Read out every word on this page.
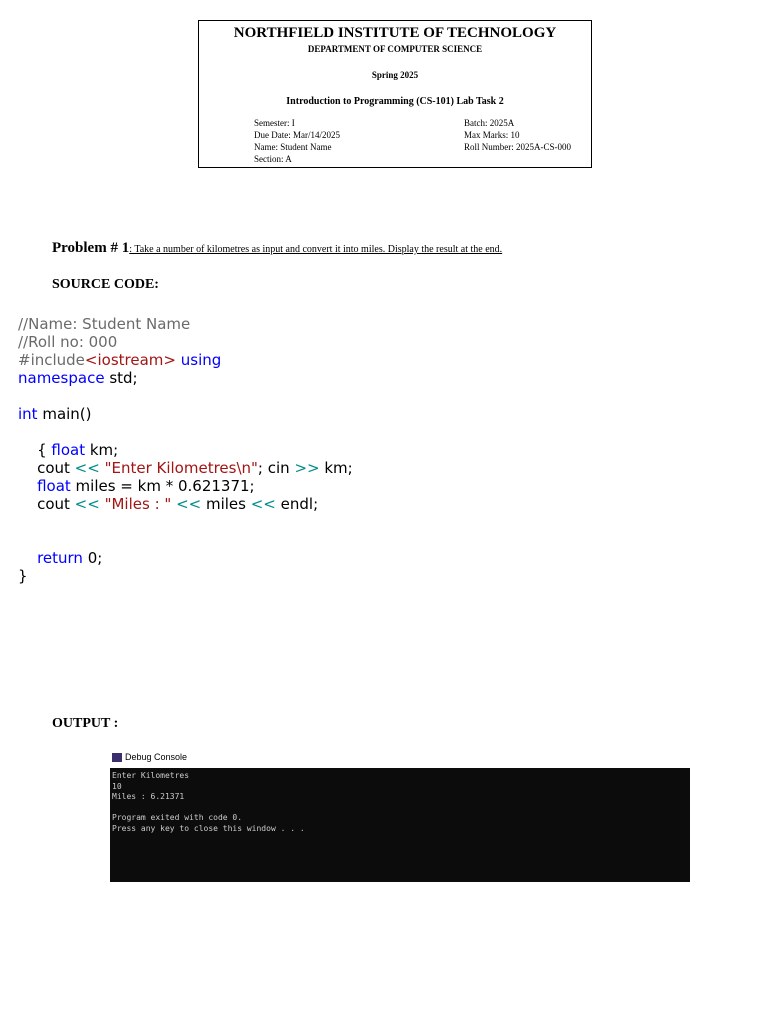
NORTHFIELD INSTITUTE OF TECHNOLOGY
DEPARTMENT OF COMPUTER SCIENCE
Spring 2025
Introduction to Programming (CS-101) Lab Task 2
Semester: I	Batch: 2025A
Due Date: Mar/14/2025	Max Marks: 10
Name: Student Name	Roll Number: 2025A-CS-000
Section: A
Problem # 1: Take a number of kilometres as input and convert it into miles. Display the result at the end.
SOURCE CODE:
//Name: Student Name
//Roll no: 000
#include<iostream> using
namespace std;

int main()

{ float km;
cout << "Enter Kilometres\n"; cin >> km;
float miles = km * 0.621371;
cout << "Miles : " << miles << endl;

return 0;
}
OUTPUT :
Debug Console
Enter Kilometres
10
Miles : 6.21371

Program exited with code 0.
Press any key to close this window . . .
